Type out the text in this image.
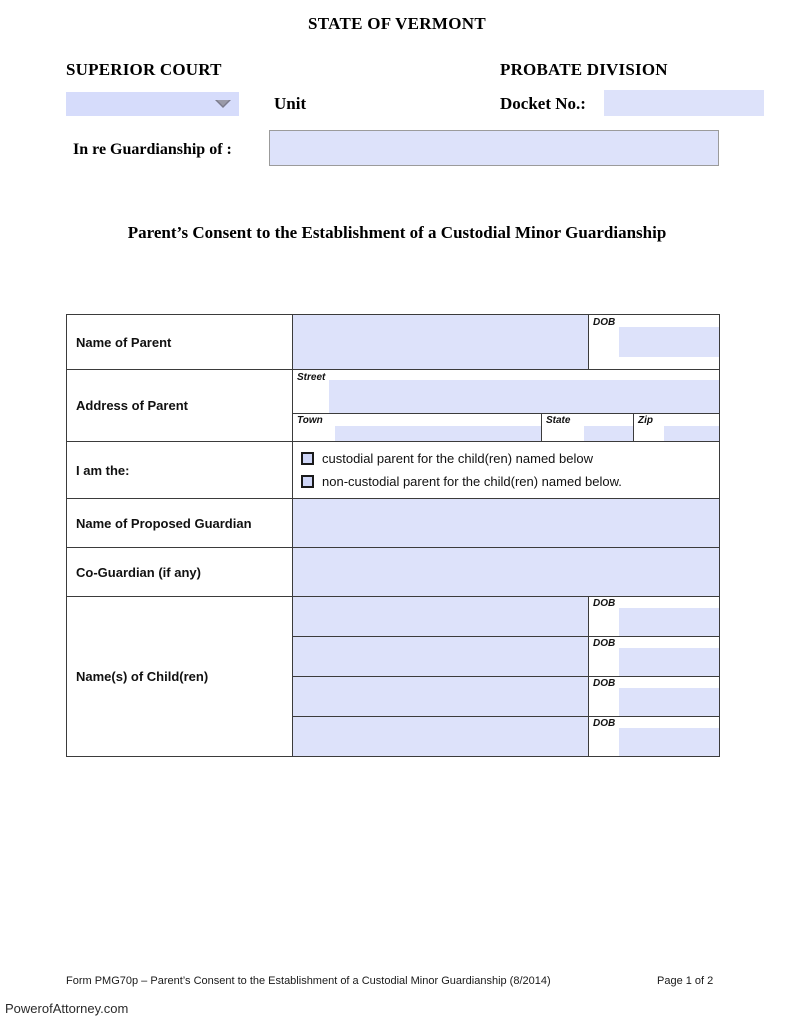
STATE OF VERMONT
SUPERIOR COURT	PROBATE DIVISION
Unit	Docket No.:
In re Guardianship of :
Parent’s Consent to the Establishment of a Custodial Minor Guardianship
Name of Parent	DOB

Address of Parent	Street
Town State Zip

I am the:	custodial parent for the child(ren) named below
non-custodial parent for the child(ren) named below.

Name of Proposed Guardian	

Co-Guardian (if any)	

Name(s) of Child(ren)	DOB
DOB
DOB
DOB
Form PMG70p – Parent’s Consent to the Establishment of a Custodial Minor Guardianship (8/2014)	Page 1 of 2
PowerofAttorney.com
